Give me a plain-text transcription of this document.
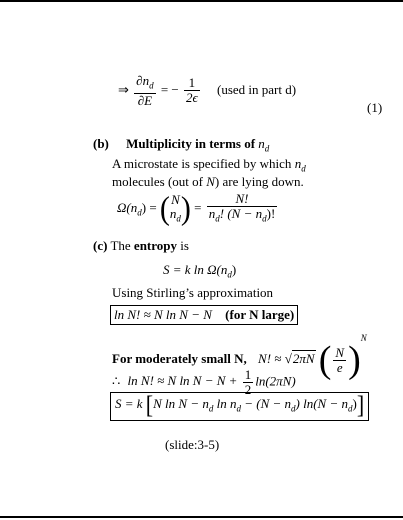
⇒ $\frac{\partial n_d}{\partial E}$ = − $\frac{1}{2\epsilon}$ (used in part d)
(1)
(b) Multiplicity in terms of $n_d$
A microstate is specified by which $n_d$
molecules (out of N) are lying down.
$\Omega(n_d)$ = ( N
$n_d$ ) = $\frac{N!}{n_d! (N - n_d)!}$
(c) The entropy is
S = k $\ln \Omega(n_d)$
Using Stirling’s approximation
ln N! ≈ N ln N − N (for N large)
For moderately small N, N! ≈ √2πN ( $\frac{N}{e} )^N$
∴ ln N! ≈ N $\ln N - N + \frac{1}{2} \ln(2\pi N)$
S = k [N $\ln N - n_d$ $\ln n_d - (N - n_d) \ln(N - n_d)$]
(slide:3-5)
